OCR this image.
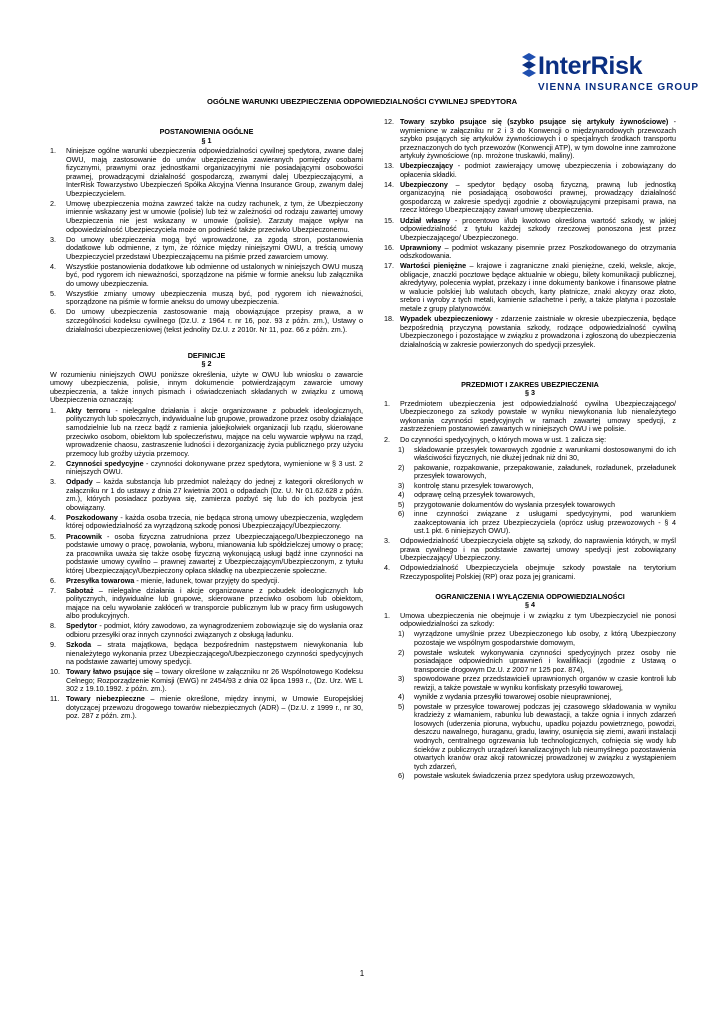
InterRisk
VIENNA INSURANCE GROUP
OGÓLNE WARUNKI UBEZPIECZENIA ODPOWIEDZIALNOŚCI CYWILNEJ SPEDYTORA
POSTANOWIENIA OGÓLNE
§ 1
1.	Niniejsze ogólne warunki ubezpieczenia odpowiedzialności cywilnej spedytora, zwane dalej OWU, mają zastosowanie do umów ubezpieczenia zawieranych pomiędzy osobami fizycznymi, prawnymi oraz jednostkami organizacyjnymi nie posiadającymi osobowości prawnej, prowadzącymi działalność gospodarczą, zwanymi dalej Ubezpieczającymi, a InterRisk Towarzystwo Ubezpieczeń Spółka Akcyjna Vienna Insurance Group, zwanym dalej Ubezpieczycielem.
2.	Umowę ubezpieczenia można zawrzeć także na cudzy rachunek, z tym, że Ubezpieczony imiennie wskazany jest w umowie (polisie) lub też w zależności od rodzaju zawartej umowy Ubezpieczenia nie jest wskazany w umowie (polisie). Zarzuty mające wpływ na odpowiedzialność Ubezpieczyciela może on podnieść także przeciwko Ubezpieczonemu.
3.	Do umowy ubezpieczenia mogą być wprowadzone, za zgodą stron, postanowienia dodatkowe lub odmienne, z tym, że różnice między niniejszymi OWU, a treścią umowy Ubezpieczyciel przedstawi Ubezpieczającemu na piśmie przed zawarciem umowy.
4.	Wszystkie postanowienia dodatkowe lub odmienne od ustalonych w niniejszych OWU muszą być, pod rygorem ich nieważności, sporządzone na piśmie w formie aneksu lub załącznika do umowy ubezpieczenia.
5.	Wszystkie zmiany umowy ubezpieczenia muszą być, pod rygorem ich nieważności, sporządzone na piśmie w formie aneksu do umowy ubezpieczenia.
6.	Do umowy ubezpieczenia zastosowanie mają obowiązujące przepisy prawa, a w szczególności kodeksu cywilnego (Dz.U. z 1964 r. nr 16, poz. 93 z późn. zm.), Ustawy o działalności ubezpieczeniowej (tekst jednolity Dz.U. z 2010r. Nr 11, poz. 66 z późn. zm.).
DEFINICJE
§ 2
W rozumieniu niniejszych OWU poniższe określenia, użyte w OWU lub wniosku o zawarcie umowy ubezpieczenia, polisie, innym dokumencie potwierdzającym zawarcie umowy ubezpieczenia, a także innych pismach i oświadczeniach składanych w związku z umową Ubezpieczenia oznaczają:
1.	Akty terroru - nielegalne działania i akcje organizowane z pobudek ideologicznych, politycznych lub społecznych, indywidualne lub grupowe, prowadzone przez osoby działające samodzielnie lub na rzecz bądź z ramienia jakiejkolwiek organizacji lub rządu, skierowane przeciwko osobom, obiektom lub społeczeństwu, mające na celu wywarcie wpływu na rząd, wprowadzenie chaosu, zastraszenie ludności i dezorganizację życia publicznego przy użyciu przemocy lub groźby użycia przemocy.
2.	Czynności spedycyjne - czynności dokonywane przez spedytora, wymienione w § 3 ust. 2 niniejszych OWU.
3.	Odpady – każda substancja lub przedmiot należący do jednej z kategorii określonych w załączniku nr 1 do ustawy z dnia 27 kwietnia 2001 o odpadach (Dz. U. Nr 01.62.628 z późn. zm.), których posiadacz pozbywa się, zamierza pozbyć się lub do ich pozbycia jest obowiązany.
4.	Poszkodowany - każda osoba trzecia, nie będąca stroną umowy ubezpieczenia, względem której odpowiedzialność za wyrządzoną szkodę ponosi Ubezpieczający/Ubezpieczony.
5.	Pracownik - osoba fizyczna zatrudniona przez Ubezpieczającego/Ubezpieczonego na podstawie umowy o pracę, powołania, wyboru, mianowania lub spółdzielczej umowy o pracę; za pracownika uważa się także osobę fizyczną wykonującą usługi bądź inne czynności na podstawie umowy cywilno – prawnej zawartej z Ubezpieczającym/Ubezpieczonym, z tytułu której Ubezpieczający/Ubezpieczony opłaca składkę na ubezpieczenie społeczne.
6.	Przesyłka towarowa - mienie, ładunek, towar przyjęty do spedycji.
7.	Sabotaż – nielegalne działania i akcje organizowane z pobudek ideologicznych lub politycznych, indywidualne lub grupowe, skierowane przeciwko osobom lub obiektom, mające na celu wywołanie zakłóceń w transporcie publicznym lub w pracy firm usługowych albo produkcyjnych.
8.	Spedytor - podmiot, który zawodowo, za wynagrodzeniem zobowiązuje się do wysłania oraz odbioru przesyłki oraz innych czynności związanych z obsługą ładunku.
9.	Szkoda – strata majątkowa, będąca bezpośrednim następstwem niewykonania lub nienależytego wykonania przez Ubezpieczającego/Ubezpieczonego czynności spedycyjnych na podstawie zawartej umowy spedycji.
10. Towary łatwo psujące się – towary określone w załączniku nr 26 Wspólnotowego Kodeksu Celnego; Rozporządzenie Komisji (EWG) nr 2454/93 z dnia 02 lipca 1993 r., (Dz. Urz. WE L 302 z 19.10.1992. z późn. zm.).
11. Towary niebezpieczne – mienie określone, między innymi, w Umowie Europejskiej dotyczącej przewozu drogowego towarów niebezpiecznych (ADR) – (Dz.U. z 1999 r., nr 30, poz. 287 z późn. zm.).
12. Towary szybko psujące się (szybko psujące się artykuły żywnościowe) - wymienione w załączniku nr 2 i 3 do Konwencji o międzynarodowych przewozach szybko psujących się artykułów żywnościowych i o specjalnych środkach transportu przeznaczonych do tych przewozów (Konwencji ATP), w tym dowolne inne zamrożone artykuły żywnościowe (np. mrożone truskawki, maliny).
13. Ubezpieczający - podmiot zawierający umowę ubezpieczenia i zobowiązany do opłacenia składki.
14. Ubezpieczony – spedytor będący osobą fizyczną, prawną lub jednostką organizacyjną nie posiadającą osobowości prawnej, prowadzący działalność gospodarczą w zakresie spedycji zgodnie z obowiązującymi przepisami prawa, na rzecz którego Ubezpieczający zawarł umowę ubezpieczenia.
15. Udział własny - procentowo i/lub kwotowo określona wartość szkody, w jakiej odpowiedzialność z tytułu każdej szkody rzeczowej ponoszona jest przez Ubezpieczającego/ Ubezpieczonego.
16. Uprawniony – podmiot wskazany pisemnie przez Poszkodowanego do otrzymania odszkodowania.
17. Wartości pieniężne – krajowe i zagraniczne znaki pieniężne, czeki, weksle, akcje, obligacje, znaczki pocztowe będące aktualnie w obiegu, bilety komunikacji publicznej, akredytywy, polecenia wypłat, przekazy i inne dokumenty bankowe i finansowe płatne w walucie polskiej lub walutach obcych, karty płatnicze, znaki akcyzy oraz złoto, srebro i wyroby z tych metali, kamienie szlachetne i perły, a także platyna i pozostałe metale z grupy platynowców.
18. Wypadek ubezpieczeniowy - zdarzenie zaistniałe w okresie ubezpieczenia, będące bezpośrednią przyczyną powstania szkody, rodzące odpowiedzialność cywilną Ubezpieczonego i pozostające w związku z prowadzona i zgłoszoną do ubezpieczenia działalnością w zakresie powierzonych do spedycji przesyłek.
PRZEDMIOT I ZAKRES UBEZPIECZENIA
§ 3
1.	Przedmiotem ubezpieczenia jest odpowiedzialność cywilna Ubezpieczającego/ Ubezpieczonego za szkody powstałe w wyniku niewykonania lub nienależytego wykonania czynności spedycyjnych w ramach zawartej umowy spedycji, z zastrzeżeniem postanowień zawartych w niniejszych OWU i we polisie.
2.	Do czynności spedycyjnych, o których mowa w ust. 1 zalicza się:
1)	składowanie przesyłek towarowych zgodnie z warunkami dostosowanymi do ich właściwości fizycznych, nie dłużej jednak niż dni 30,
2)	pakowanie, rozpakowanie, przepakowanie, załadunek, rozładunek, przeładunek przesyłek towarowych,
3)	kontrolę stanu przesyłek towarowych,
4)	odprawę celną przesyłek towarowych,
5)	przygotowanie dokumentów do wysłania przesyłek towarowych
6)	inne czynności związane z usługami spedycyjnymi, pod warunkiem zaakceptowania ich przez Ubezpieczyciela (oprócz usług przewozowych - § 4 ust.1 pkt. 6 niniejszych OWU).
3.	Odpowiedzialność Ubezpieczyciela objęte są szkody, do naprawienia których, w myśl prawa cywilnego i na podstawie zawartej umowy spedycji jest zobowiązany Ubezpieczający/ Ubezpieczony.
4.	Odpowiedzialność Ubezpieczyciela obejmuje szkody powstałe na terytorium Rzeczypospolitej Polskiej (RP) oraz poza jej granicami.
OGRANICZENIA I WYŁĄCZENIA ODPOWIEDZIALNOŚCI
§ 4
1.	Umowa ubezpieczenia nie obejmuje i w związku z tym Ubezpieczyciel nie ponosi odpowiedzialności za szkody:
1)	wyrządzone umyślnie przez Ubezpieczonego lub osoby, z którą Ubezpieczony pozostaje we wspólnym gospodarstwie domowym,
2)	powstałe wskutek wykonywania czynności spedycyjnych przez osoby nie posiadające odpowiednich uprawnień i kwalifikacji (zgodnie z Ustawą o transporcie drogowym Dz.U. z 2007 nr 125 poz. 874),
3)	spowodowane przez przedstawicieli uprawnionych organów w czasie kontroli lub rewizji, a także powstałe w wyniku konfiskaty przesyłki towarowej,
4)	wynikłe z wydania przesyłki towarowej osobie nieuprawnionej,
5)	powstałe w przesyłce towarowej podczas jej czasowego składowania w wyniku kradzieży z włamaniem, rabunku lub dewastacji, a także ognia i innych zdarzeń losowych (uderzenia pioruna, wybuchu, upadku pojazdu powietrznego, powodzi, deszczu nawalnego, huraganu, gradu, lawiny, osunięcia się ziemi, awarii instalacji wodnych, centralnego ogrzewania lub technologicznych, cofnięcia się wody lub ścieków z publicznych urządzeń kanalizacyjnych lub nieumyślnego pozostawienia otwartych kranów oraz akcji ratowniczej prowadzonej w związku z wystąpieniem tych zdarzeń,
6)	powstałe wskutek świadczenia przez spedytora usług przewozowych,
1
